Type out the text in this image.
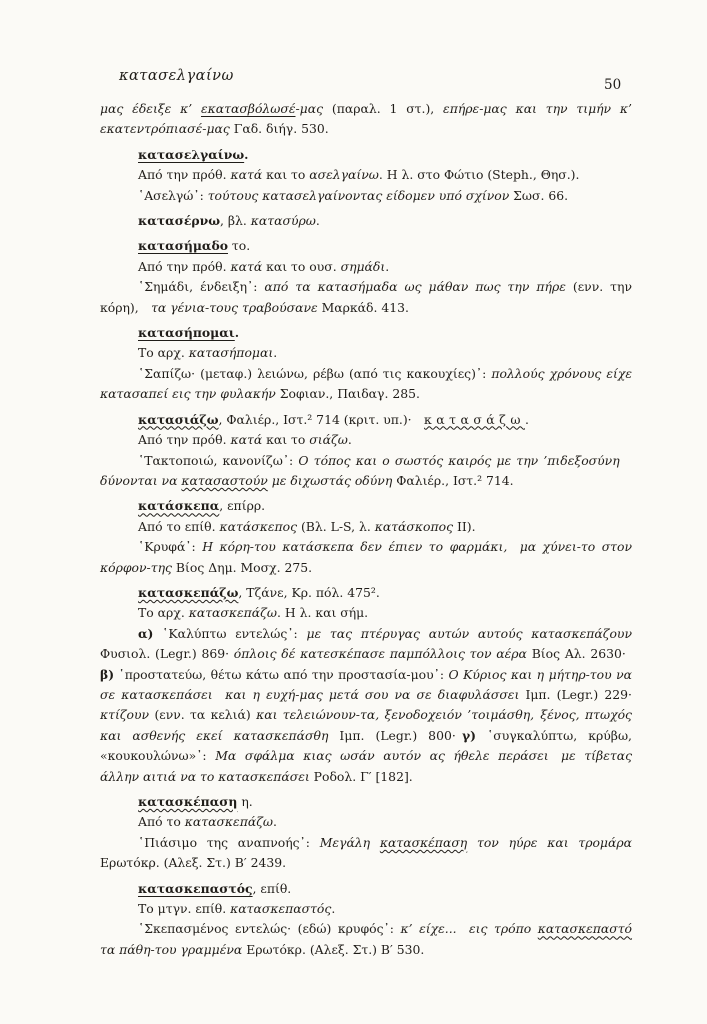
κατασελγαίνω
50

μας έδειξε κ’ εκατασβόλωσέ-μας (παραλ. 1 στ.), επήρε-μας και την τιμήν κ’ εκατεντρόπιασέ-μας Γαδ. διήγ. 530.

κατασελγαίνω.

Από την πρόθ. κατά και το ασελγαίνω. Η λ. στο Φώτιο (Steph., Θησ.).

῾Ασελγώ᾿: τούτους κατασελγαίνοντας είδομεν υπό σχίνον Σωσ. 66.

κατασέρνω, βλ. κατασύρω.

κατασήμαδο το.

Από την πρόθ. κατά και το ουσ. σημάδι.

῾Σημάδι, ένδειξη᾿: από τα κατασήμαδα ως μάθαν πως την πήρε (ενν. την κόρη),  τα γένια-τους τραβούσανε Μαρκάδ. 413.

κατασήπομαι.

Το αρχ. κατασήπομαι.

῾Σαπίζω· (μεταφ.) λειώνω, ρέβω (από τις κακουχίες)᾿: πολλούς χρόνους είχε κατασαπεί εις την φυλακήν Σοφιαν., Παιδαγ. 285.

κατασιάζω, Φαλιέρ., Ιστ.² 714 (κριτ. υπ.)·  κατασάζω.

Από την πρόθ. κατά και το σιάζω.

῾Τακτοποιώ, κανονίζω᾿: Ο τόπος και ο σωστός καιρός με την ’πιδεξοσύνη δύνονται να κατασαστούν με διχωστάς οδύνη Φαλιέρ., Ιστ.² 714.

κατάσκεπα, επίρρ.

Από το επίθ. κατάσκεπος (Βλ. L-S, λ. κατάσκοπος II).

῾Κρυφά᾿: Η κόρη-του κατάσκεπα δεν έπιεν το φαρμάκι,  μα χύνει-το στον κόρφον-της Βίος Δημ. Μοσχ. 275.

κατασκεπάζω, Τζάνε, Κρ. πόλ. 475².

Το αρχ. κατασκεπάζω. Η λ. και σήμ.

α) ῾Καλύπτω εντελώς᾿: με τας πτέρυγας αυτών αυτούς κατασκεπάζουν Φυσιολ. (Legr.) 869· όπλοις δέ κατεσκέπασε παμπόλλοις τον αέρα Βίος Αλ. 2630· β) ῾προστατεύω, θέτω κάτω από την προστασία-μου᾿: Ο Κύριος και η μήτηρ-του να σε κατασκεπάσει  και η ευχή-μας μετά σου να σε διαφυλάσσει Ιμπ. (Legr.) 229· κτίζουν (ενν. τα κελιά) και τελειώνουν-τα, ξενοδοχειόν ’τοιμάσθη,  ξένος, πτωχός και ασθενής εκεί κατασκεπάσθη Ιμπ. (Legr.) 800·  γ) ῾συγκαλύπτω, κρύβω, «κουκουλώνω»᾿: Μα σφάλμα κιας ωσάν αυτόν ας ήθελε περάσει  με τίβετας άλλην αιτιά να το κατασκεπάσει Ροδολ. Γ′ [182].

κατασκέπαση η.

Από το κατασκεπάζω.

῾Πιάσιμο της αναπνοής᾿: Μεγάλη κατασκέπαση τον ηύρε και τρομάρα Ερωτόκρ. (Αλεξ. Στ.) Β′ 2439.

κατασκεπαστός, επίθ.

Το μτγν. επίθ. κατασκεπαστός.

῾Σκεπασμένος εντελώς· (εδώ) κρυφός᾿: κ’ είχε...  εις τρόπο κατασκεπαστό τα πάθη-του γραμμένα Ερωτόκρ. (Αλεξ. Στ.) Β′ 530.
